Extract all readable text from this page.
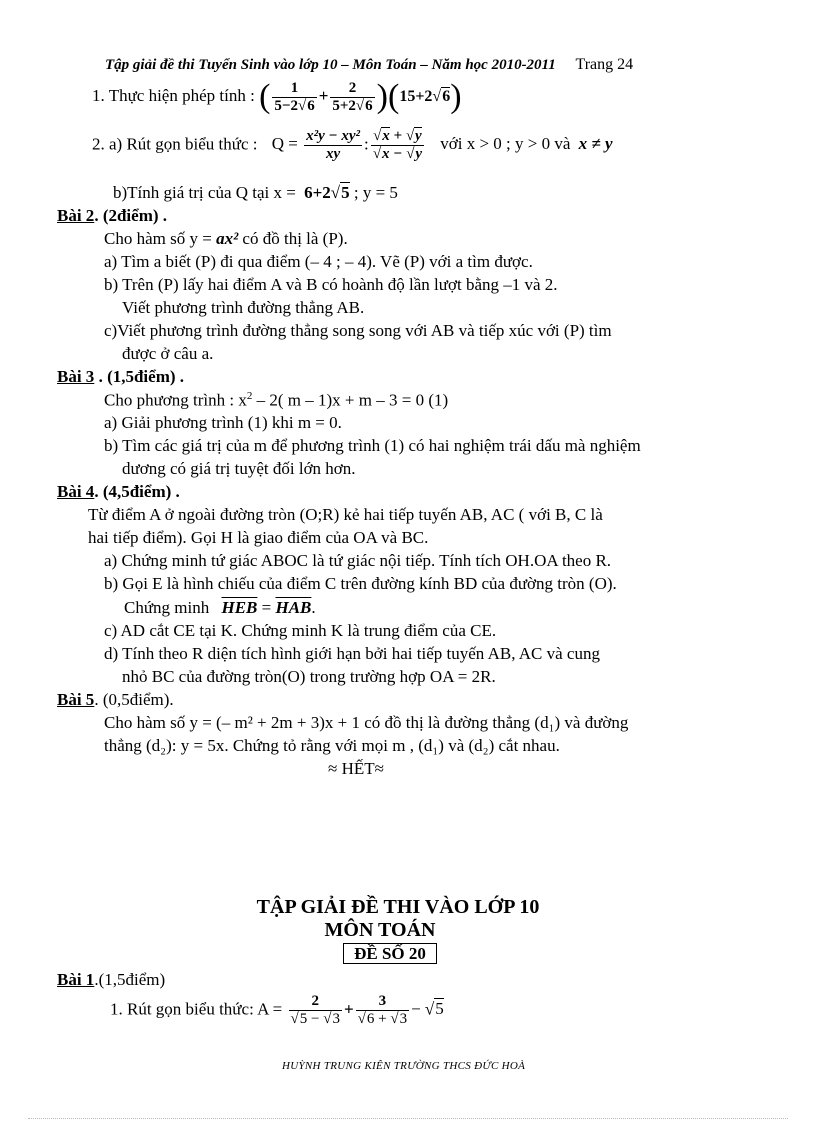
Tập giải đề thi Tuyển Sinh vào lớp 10 – Môn Toán – Năm học 2010-2011 Trang 24
1. Thực hiện phép tính : ( $\frac{1}{5-2√6} + \frac{2}{5+2√6} )(15+2√6)$
2. a) Rút gọn biểu thức : $Q = \frac{\text{x²y − xy²}}{xy}$ : $\frac{√x + √y}{√x - √y}$ với x > 0 ; y > 0 và x ≠ y
b)Tính giá trị của Q tại x = 6+2√5 ; y = 5
Bài 2. (2điểm) .
Cho hàm số y = ax² có đồ thị là (P).
a) Tìm a biết (P) đi qua điểm (– 4 ; – 4). Vẽ (P) với a tìm được.
b) Trên (P) lấy hai điểm A và B có hoành độ lần lượt bằng –1 và 2.
Viết phương trình đường thẳng AB.
c)Viết phương trình đường thẳng song song với AB và tiếp xúc với (P) tìm
được ở câu a.
Bài 3 . (1,5điểm) .
Cho phương trình : $x^2 - 2$( m – 1)x + m – 3 = 0 (1)
a) Giải phương trình (1) khi m = 0.
b) Tìm các giá trị của m để phương trình (1) có hai nghiệm trái dấu mà nghiệm
dương có giá trị tuyệt đối lớn hơn.
Bài 4. (4,5điểm) .
Từ điểm A ở ngoài đường tròn (O;R) kẻ hai tiếp tuyến AB, AC ( với B, C là
hai tiếp điểm). Gọi H là giao điểm của OA và BC.
a) Chứng minh tứ giác ABOC là tứ giác nội tiếp. Tính tích OH.OA theo R.
b) Gọi E là hình chiếu của điểm C trên đường kính BD của đường tròn (O).
Chứng minh $\overline{HEB} = \overline{HAB}$.
c) AD cắt CE tại K. Chứng minh K là trung điểm của CE.
d) Tính theo R diện tích hình giới hạn bởi hai tiếp tuyến AB, AC và cung
nhỏ BC của đường tròn(O) trong trường hợp OA = 2R.
Bài 5. (0,5điểm).
Cho hàm số y = (– m² + 2m + 3)x + 1 có đồ thị là đường thẳng (d₁) và đường
thẳng (d₂): y = 5x. Chứng tỏ rằng với mọi m , (d₁) và (d₂) cắt nhau.
≈ HẾT≈
TẬP GIẢI ĐỀ THI VÀO LỚP 10
MÔN TOÁN
ĐỀ SỐ 20
Bài 1.(1,5điểm)
1. Rút gọn biểu thức: $A = \frac{2}{√5 - √3} + \frac{3}{√6 + √3} - √5$
HUỲNH TRUNG KIÊN TRƯỜNG THCS ĐỨC HOÀ
